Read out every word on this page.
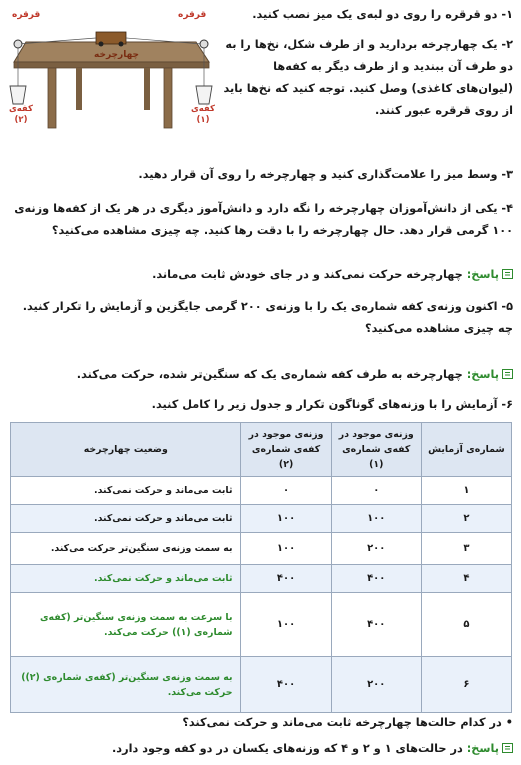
قرقره	قرقره
چهارچرخه
کفه‌ی
(۲)
کفه‌ی
(۱)
۱- دو قرقره را روی دو لبه‌ی یک میز نصب کنید.
۲- یک چهارچرخه بردارید و از طرف شکل، نخ‌ها را به دو طرف آن ببندید و از طرف دیگر به کفه‌ها (لیوان‌های کاغذی) وصل کنید. توجه کنید که نخ‌ها باید از روی قرقره عبور کنند.
۳- وسط میز را علامت‌گذاری کنید و چهارچرخه را روی آن قرار دهید.
۴- یکی از دانش‌آموزان چهارچرخه را نگه دارد و دانش‌آموز دیگری در هر یک از کفه‌ها وزنه‌ی ۱۰۰ گرمی قرار دهد. حال چهارچرخه را با دقت رها کنید. چه چیزی مشاهده می‌کنید؟
پاسخ: چهارچرخه حرکت نمی‌کند و در جای خودش ثابت می‌ماند.
۵- اکنون وزنه‌ی کفه شماره‌ی یک را با وزنه‌ی ۲۰۰ گرمی جایگزین و آزمایش را تکرار کنید. چه چیزی مشاهده می‌کنید؟
پاسخ: چهارچرخه به طرف کفه شماره‌ی یک که سنگین‌تر شده، حرکت می‌کند.
۶- آزمایش را با وزنه‌های گوناگون تکرار و جدول زیر را کامل کنید.
شماره‌ی آزمایش	وزنه‌ی موجود در کفه‌ی شماره‌ی (۱)	وزنه‌ی موجود در کفه‌ی شماره‌ی (۲)	وضعیت چهارچرخه
۱	۰	۰	ثابت می‌ماند و حرکت نمی‌کند.
۲	۱۰۰	۱۰۰	ثابت می‌ماند و حرکت نمی‌کند.
۳	۲۰۰	۱۰۰	به سمت وزنه‌ی سنگین‌تر حرکت می‌کند.
۴	۴۰۰	۴۰۰	ثابت می‌ماند و حرکت نمی‌کند.
۵	۴۰۰	۱۰۰	با سرعت به سمت وزنه‌ی سنگین‌تر (کفه‌ی شماره‌ی (۱)) حرکت می‌کند.
۶	۲۰۰	۴۰۰	به سمت وزنه‌ی سنگین‌تر (کفه‌ی شماره‌ی (۲)) حرکت می‌کند.
• در کدام حالت‌ها چهارچرخه ثابت می‌ماند و حرکت نمی‌کند؟
پاسخ: در حالت‌های ۱ و ۲ و ۴ که وزنه‌های یکسان در دو کفه وجود دارد.
